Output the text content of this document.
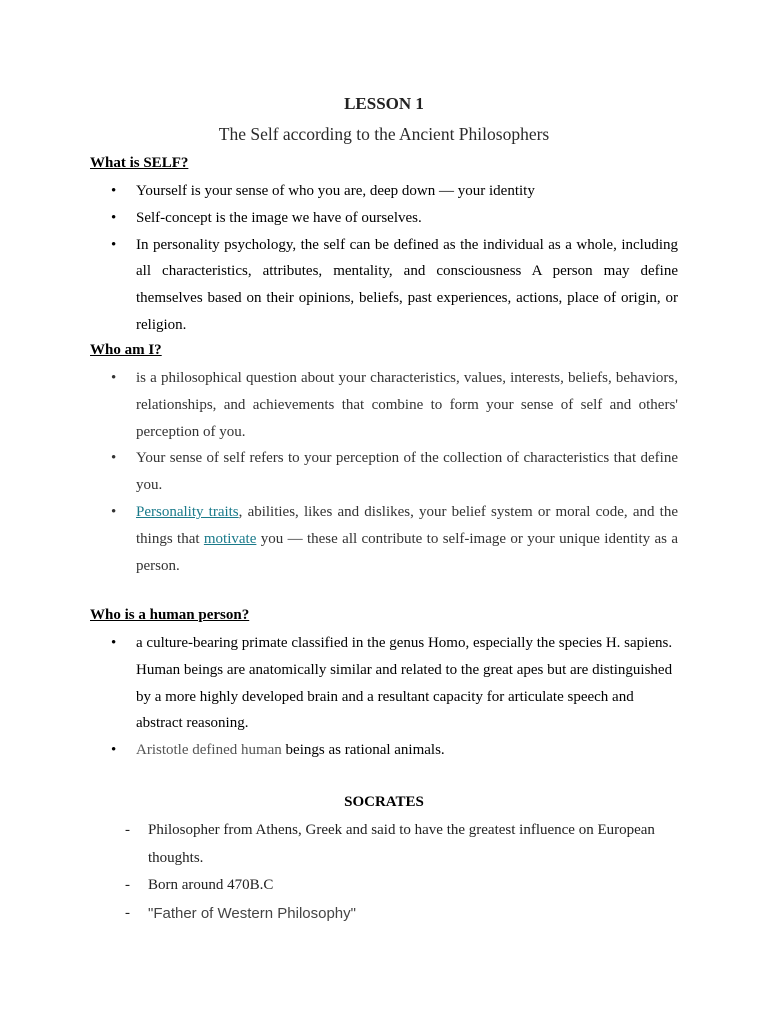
LESSON 1
The Self according to the Ancient Philosophers
What is SELF?
• Yourself is your sense of who you are, deep down — your identity
• Self-concept is the image we have of ourselves.
• In personality psychology, the self can be defined as the individual as a whole, including all characteristics, attributes, mentality, and consciousness A person may define themselves based on their opinions, beliefs, past experiences, actions, place of origin, or religion.
Who am I?
• is a philosophical question about your characteristics, values, interests, beliefs, behaviors, relationships, and achievements that combine to form your sense of self and others' perception of you.
• Your sense of self refers to your perception of the collection of characteristics that define you.
• Personality traits, abilities, likes and dislikes, your belief system or moral code, and the things that motivate you — these all contribute to self-image or your unique identity as a person.
Who is a human person?
• a culture-bearing primate classified in the genus Homo, especially the species H. sapiens. Human beings are anatomically similar and related to the great apes but are distinguished by a more highly developed brain and a resultant capacity for articulate speech and abstract reasoning.
• Aristotle defined human beings as rational animals.
SOCRATES
- Philosopher from Athens, Greek and said to have the greatest influence on European thoughts.
- Born around 470B.C
- "Father of Western Philosophy"
